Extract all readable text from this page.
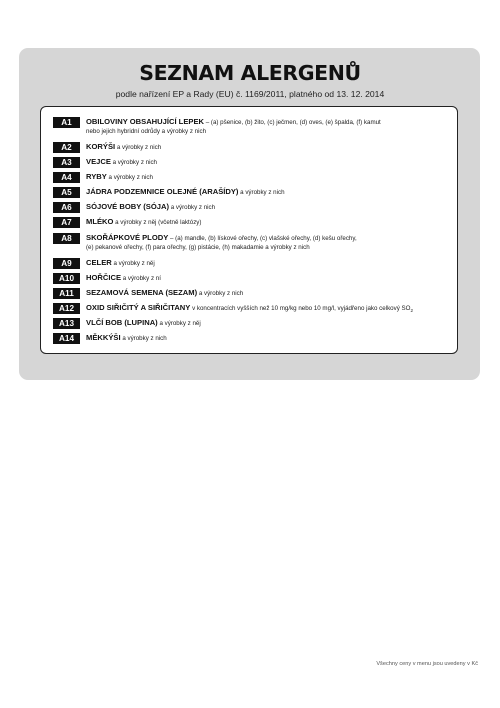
SEZNAM ALERGENŮ
podle nařízení EP a Rady (EU) č. 1169/2011, platného od 13. 12. 2014
A1	OBILOVINY OBSAHUJÍCÍ LEPEK – (a) pšenice, (b) žito, (c) ječmen, (d) oves, (e) špalda, (f) kamut
nebo jejich hybridní odrůdy a výrobky z nich
A2	KORÝŠI a výrobky z nich
A3	VEJCE a výrobky z nich
A4	RYBY a výrobky z nich
A5	JÁDRA PODZEMNICE OLEJNÉ (ARAŠÍDY) a výrobky z nich
A6	SÓJOVÉ BOBY (SÓJA) a výrobky z nich
A7	MLÉKO a výrobky z něj (včetně laktózy)
A8	SKOŘÁPKOVÉ PLODY – (a) mandle, (b) lískové ořechy, (c) vlašské ořechy, (d) kešu ořechy,
(e) pekanové ořechy, (f) para ořechy, (g) pistácie, (h) makadamie a výrobky z nich
A9	CELER a výrobky z něj
A10	HOŘČICE a výrobky z ní
A11	SEZAMOVÁ SEMENA (SEZAM) a výrobky z nich
A12	OXID SIŘIČITÝ A SIŘIČITANY v koncentracích vyšších než 10 mg/kg nebo 10 mg/l, vyjádřeno jako celkový $SO_2$
A13	VLČÍ BOB (LUPINA) a výrobky z něj
A14	MĚKKÝŠI a výrobky z nich
Všechny ceny v menu jsou uvedeny v Kč
